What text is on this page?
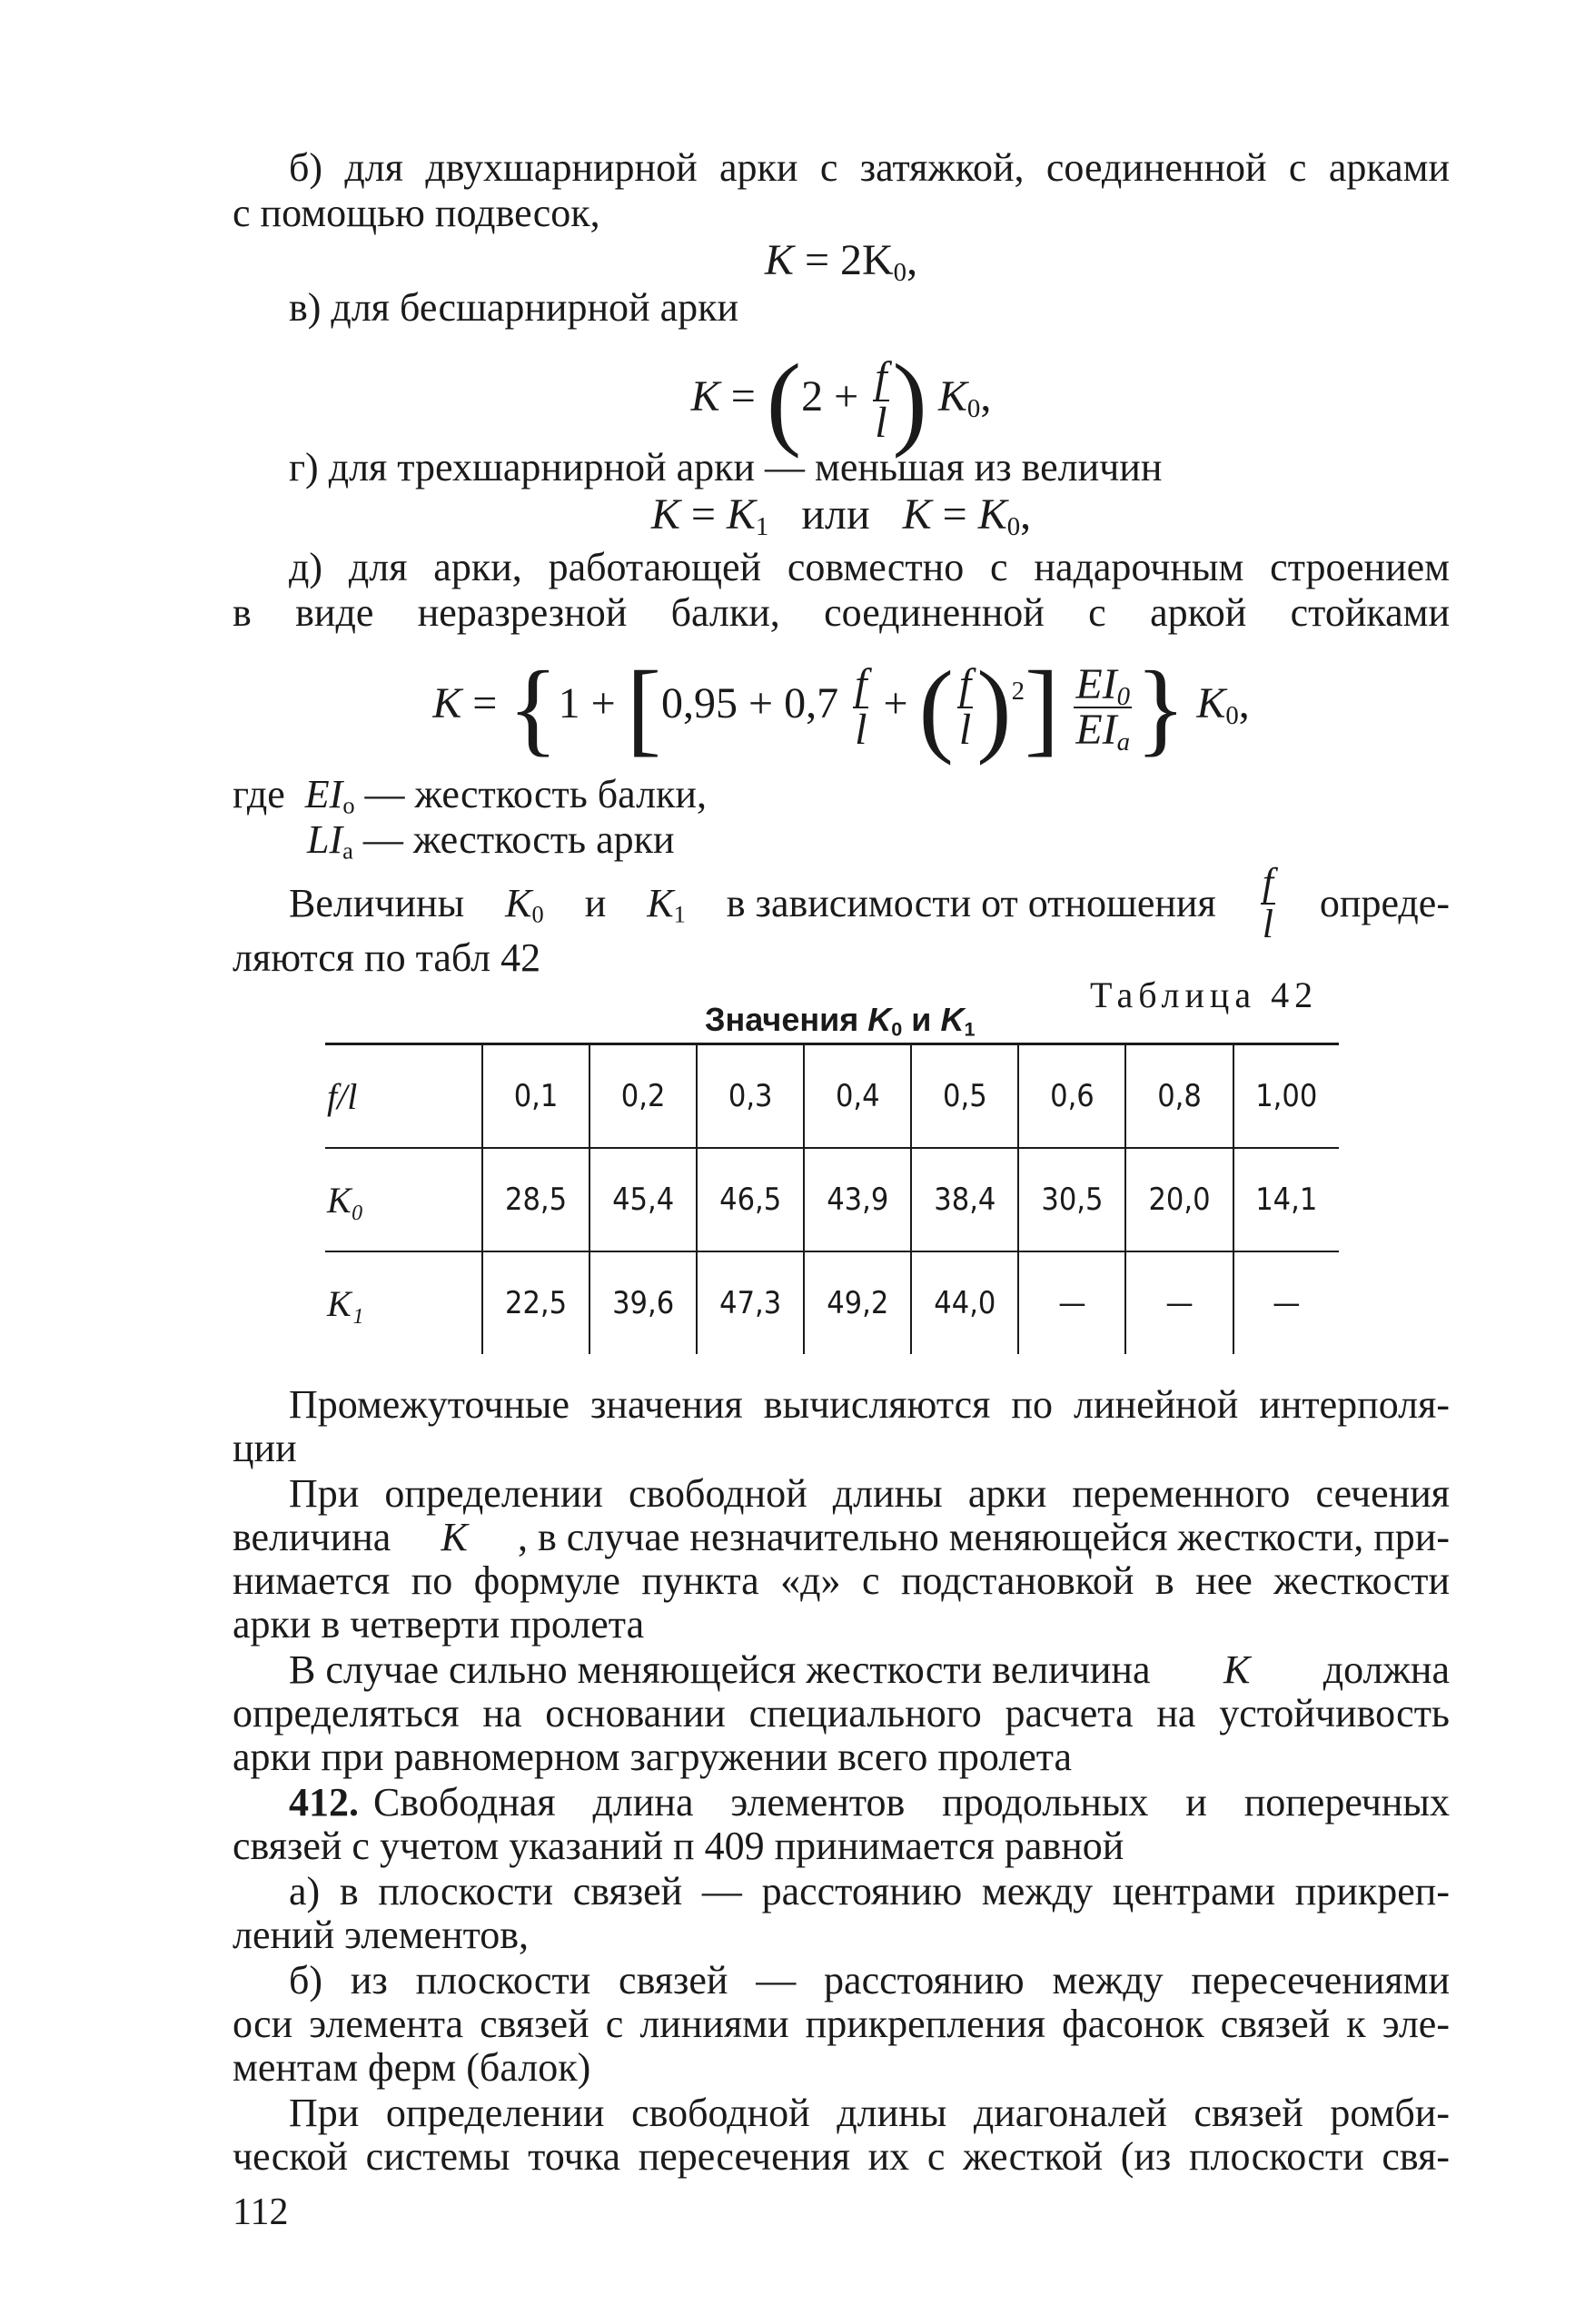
б) для двухшарнирной арки с затяжкой, соединенной с арками
с помощью подвесок,
$K = 2K_0$,
в) для бесшарнирной арки
$K = (2 + \frac{f}{l}$ ) $K_0$,
г) для трехшарнирной арки — меньшая из величин
$K = K_1$ или $K = K_0$,
д) для арки, работающей совместно с надарочным строением
в виде неразрезной балки, соединенной с аркой стойками
$K = \{1 + [0,95 + 0,7 \frac{f}{l}$ + ( $\frac{f}{l} )^2] \frac{EI_0}{EI_а}$ } $K_0$,
где $EI_о$ — жесткость балки,
$LI_а$ — жесткость арки
Величины $K_0$ и $K_1$ в зависимости от отношения $\frac{f}{l}$ опреде-
ляются по табл 42
Таблица 42
Значения $K_0$ и $K_1$
f/l	0,1	0,2	0,3	0,4	0,5	0,6	0,8	1,00
K₀	28,5	45,4	46,5	43,9	38,4	30,5	20,0	14,1
K₁	22,5	39,6	47,3	49,2	44,0	—	—	—
Промежуточные значения вычисляются по линейной интерполя-
ции
При определении свободной длины арки переменного сечения
величина K , в случае незначительно меняющейся жесткости, при-
нимается по формуле пункта «д» с подстановкой в нее жесткости
арки в четверти пролета
В случае сильно меняющейся жесткости величина K должна
определяться на основании специального расчета на устойчивость
арки при равномерном загружении всего пролета
412. Свободная длина элементов продольных и поперечных
связей с учетом указаний п 409 принимается равной
а) в плоскости связей — расстоянию между центрами прикреп-
лений элементов,
б) из плоскости связей — расстоянию между пересечениями
оси элемента связей с линиями прикрепления фасонок связей к эле-
ментам ферм (балок)
При определении свободной длины диагоналей связей ромби-
ческой системы точка пересечения их с жесткой (из плоскости свя-
112
